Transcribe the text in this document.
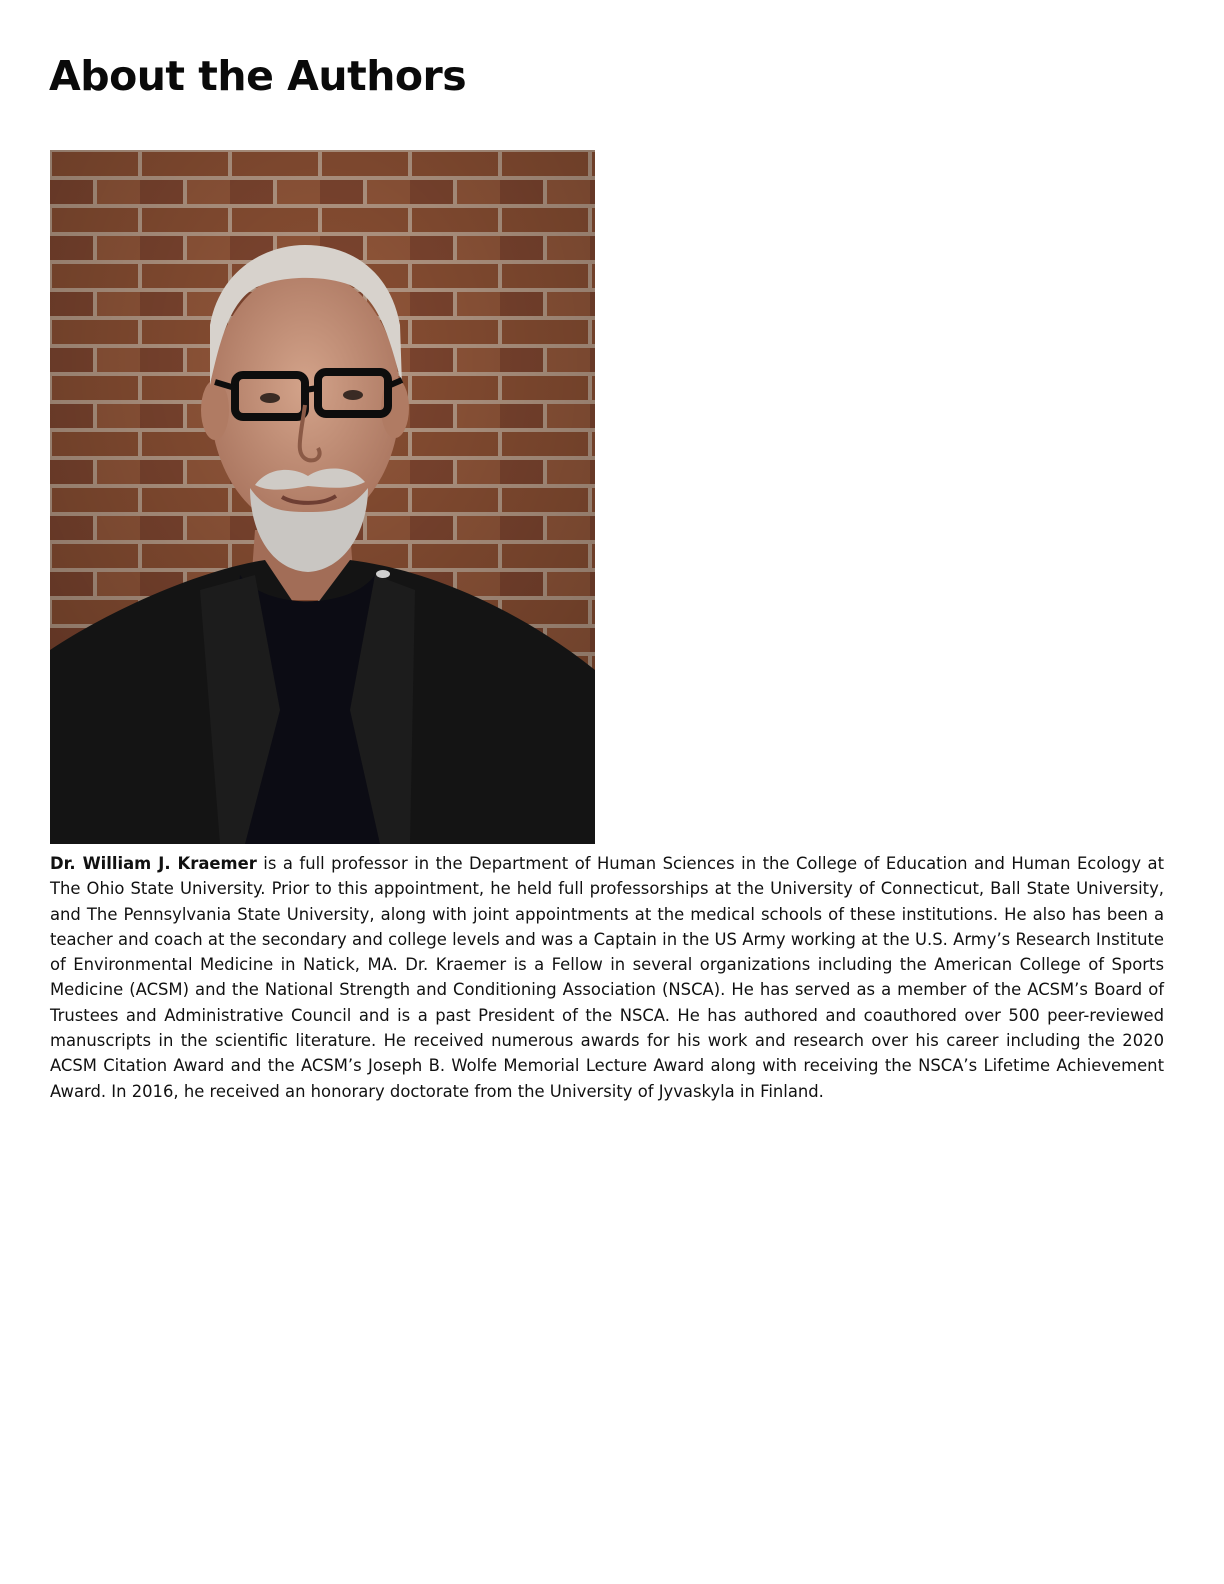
About the Authors

Dr. William J. Kraemer is a full professor in the Department of Human Sciences in the College of Education and Human Ecology at The Ohio State University. Prior to this appointment, he held full professorships at the University of Connecticut, Ball State University, and The Pennsylvania State University, along with joint appointments at the medical schools of these institutions. He also has been a teacher and coach at the secondary and college levels and was a Captain in the US Army working at the U.S. Army’s Research Institute of Environmental Medicine in Natick, MA. Dr. Kraemer is a Fellow in several organizations including the American College of Sports Medicine (ACSM) and the National Strength and Conditioning Association (NSCA). He has served as a member of the ACSM’s Board of Trustees and Administrative Council and is a past President of the NSCA. He has authored and coauthored over 500 peer-reviewed manuscripts in the scientific literature. He received numerous awards for his work and research over his career including the 2020 ACSM Citation Award and the ACSM’s Joseph B. Wolfe Memorial Lecture Award along with receiving the NSCA’s Lifetime Achievement Award. In 2016, he received an honorary doctorate from the University of Jyvaskyla in Finland.
